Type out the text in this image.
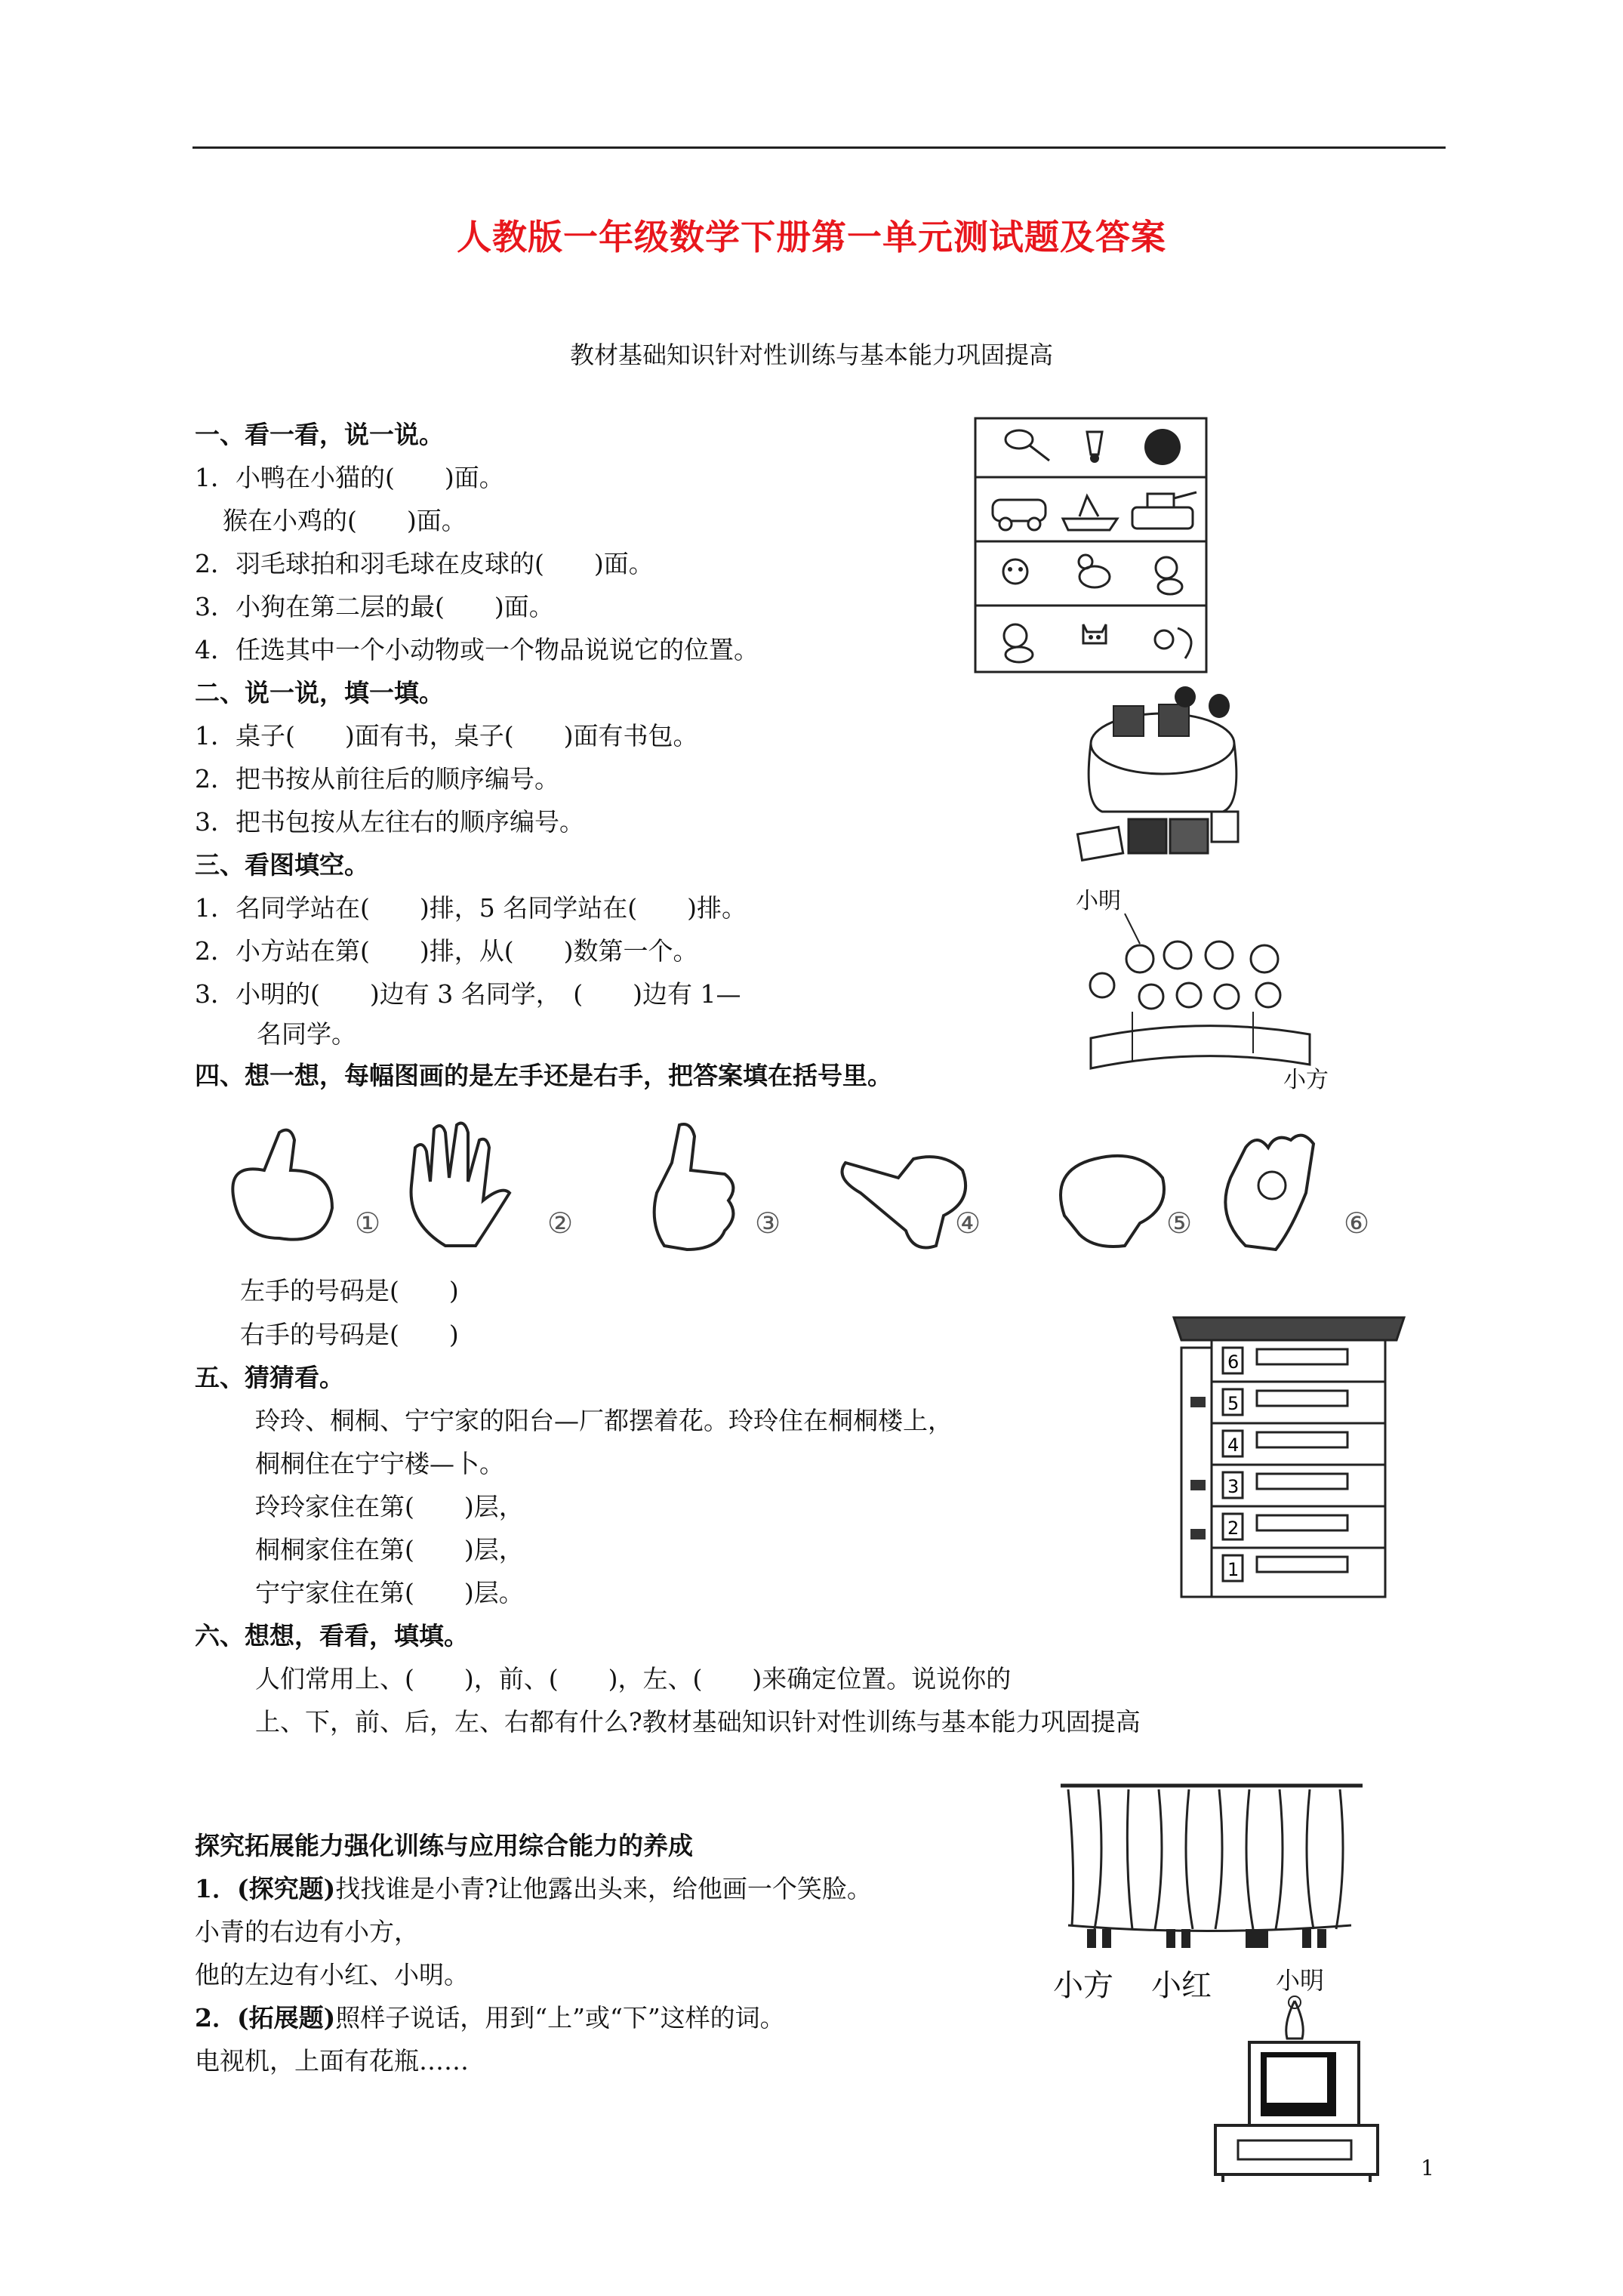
人教版一年级数学下册第一单元测试题及答案
教材基础知识针对性训练与基本能力巩固提高
一、看一看，说一说。
1．小鸭在小猫的(　　)面。
猴在小鸡的(　　)面。
2．羽毛球拍和羽毛球在皮球的(　　)面。
3．小狗在第二层的最(　　)面。
4．任选其中一个小动物或一个物品说说它的位置。
二、说一说，填一填。
1．桌子(　　)面有书，桌子(　　)面有书包。
2．把书按从前往后的顺序编号。
3．把书包按从左往右的顺序编号。
三、看图填空。
1．名同学站在(　　)排，5 名同学站在(　　)排。
2．小方站在第(　　)排，从(　　)数第一个。
3．小明的(　　)边有 3 名同学，　(　　)边有 1—
名同学。
小明
小方
四、想一想，每幅图画的是左手还是右手，把答案填在括号里。
①	②	③	④	⑤	⑥
左手的号码是(　　)
右手的号码是(　　)
五、猜猜看。
玲玲、桐桐、宁宁家的阳台—厂都摆着花。玲玲住在桐桐楼上，
桐桐住在宁宁楼—卜。
玲玲家住在第(　　)层，
桐桐家住在第(　　)层，
宁宁家住在第(　　)层。
6
5
4
3
2
1
六、想想，看看，填填。
人们常用上、(　　)，前、(　　)，左、(　　)来确定位置。说说你的
上、下，前、后，左、右都有什么?教材基础知识针对性训练与基本能力巩固提高
探究拓展能力强化训练与应用综合能力的养成
1．(探究题)找找谁是小青?让他露出头来，给他画一个笑脸。
小青的右边有小方，
他的左边有小红、小明。
2．(拓展题)照样子说话，用到“上”或“下”这样的词。
电视机，上面有花瓶……
小方 小红	小明
1
